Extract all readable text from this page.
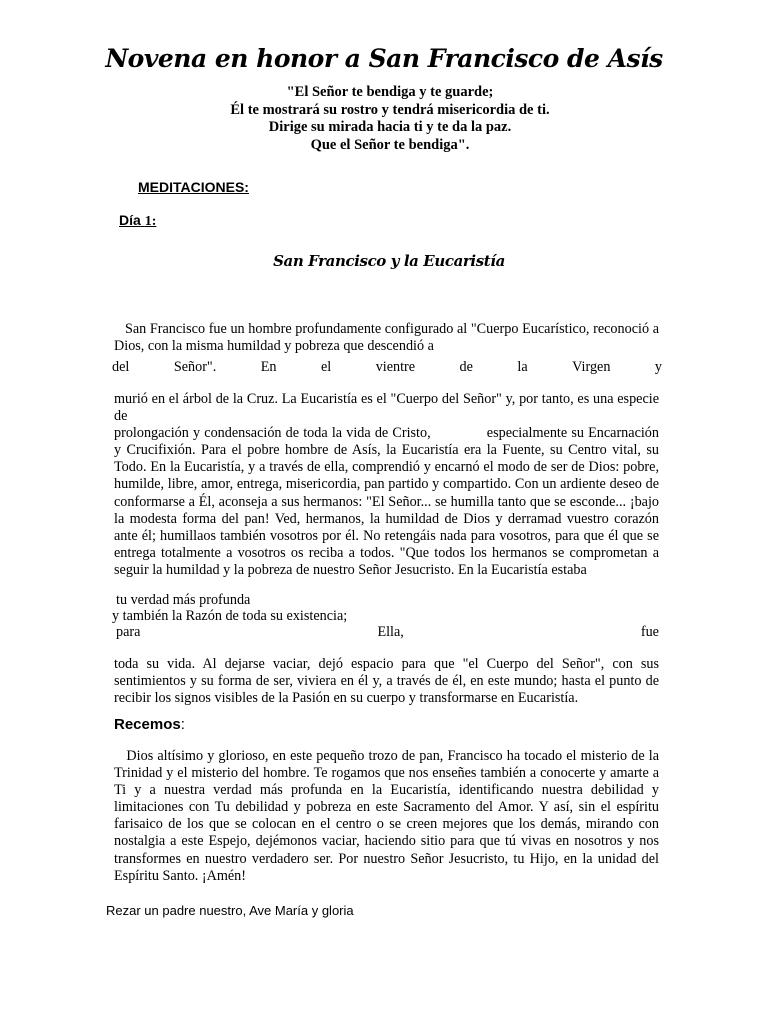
Novena en honor a San Francisco de Asís
"El Señor te bendiga y te guarde;
Él te mostrará su rostro y tendrá misericordia de ti.
Dirige su mirada hacia ti y te da la paz.
Que el Señor te bendiga".
MEDITACIONES:
Día 1:
San Francisco y la Eucaristía

San Francisco fue un hombre profundamente configurado al "Cuerpo Eucarístico, reconoció a Dios, con la misma humildad y pobreza que descendió a

del	Señor".	En	el	vientre	de	la	Virgen	y

murió en el árbol de la Cruz. La Eucaristía es el "Cuerpo del Señor" y, por tanto, es una especie de
prolongación y condensación de toda la vida de Cristo,	especialmente su Encarnación y Crucifixión. Para el pobre hombre de Asís, la Eucaristía era la Fuente, su Centro vital, su Todo. En la Eucaristía, y a través de ella, comprendió y encarnó el modo de ser de Dios: pobre, humilde, libre, amor, entrega, misericordia, pan partido y compartido. Con un ardiente deseo de conformarse a Él, aconseja a sus hermanos: "El Señor... se humilla tanto que se esconde... ¡bajo la modesta forma del pan! Ved, hermanos, la humildad de Dios y derramad vuestro corazón ante él; humillaos también vosotros por él. No retengáis nada para vosotros, para que él que se entrega totalmente a vosotros os reciba a todos. "Que todos los hermanos se comprometan a seguir la humildad y la pobreza de nuestro Señor Jesucristo. En la Eucaristía estaba

tu verdad más profunda
y también la Razón de toda su existencia;
para	Ella,	fue

toda su vida. Al dejarse vaciar, dejó espacio para que "el Cuerpo del Señor", con sus sentimientos y su forma de ser, viviera en él y, a través de él, en este mundo; hasta el punto de recibir los signos visibles de la Pasión en su cuerpo y transformarse en Eucaristía.

Recemos:

Dios altísimo y glorioso, en este pequeño trozo de pan, Francisco ha tocado el misterio de la Trinidad y el misterio del hombre. Te rogamos que nos enseñes también a conocerte y amarte a Ti y a nuestra verdad más profunda en la Eucaristía, identificando nuestra debilidad y limitaciones con Tu debilidad y pobreza en este Sacramento del Amor. Y así, sin el espíritu farisaico de los que se colocan en el centro o se creen mejores que los demás, mirando con nostalgia a este Espejo, dejémonos vaciar, haciendo sitio para que tú vivas en nosotros y nos transformes en nuestro verdadero ser. Por nuestro Señor Jesucristo, tu Hijo, en la unidad del Espíritu Santo. ¡Amén!

Rezar un padre nuestro, Ave María y gloria
